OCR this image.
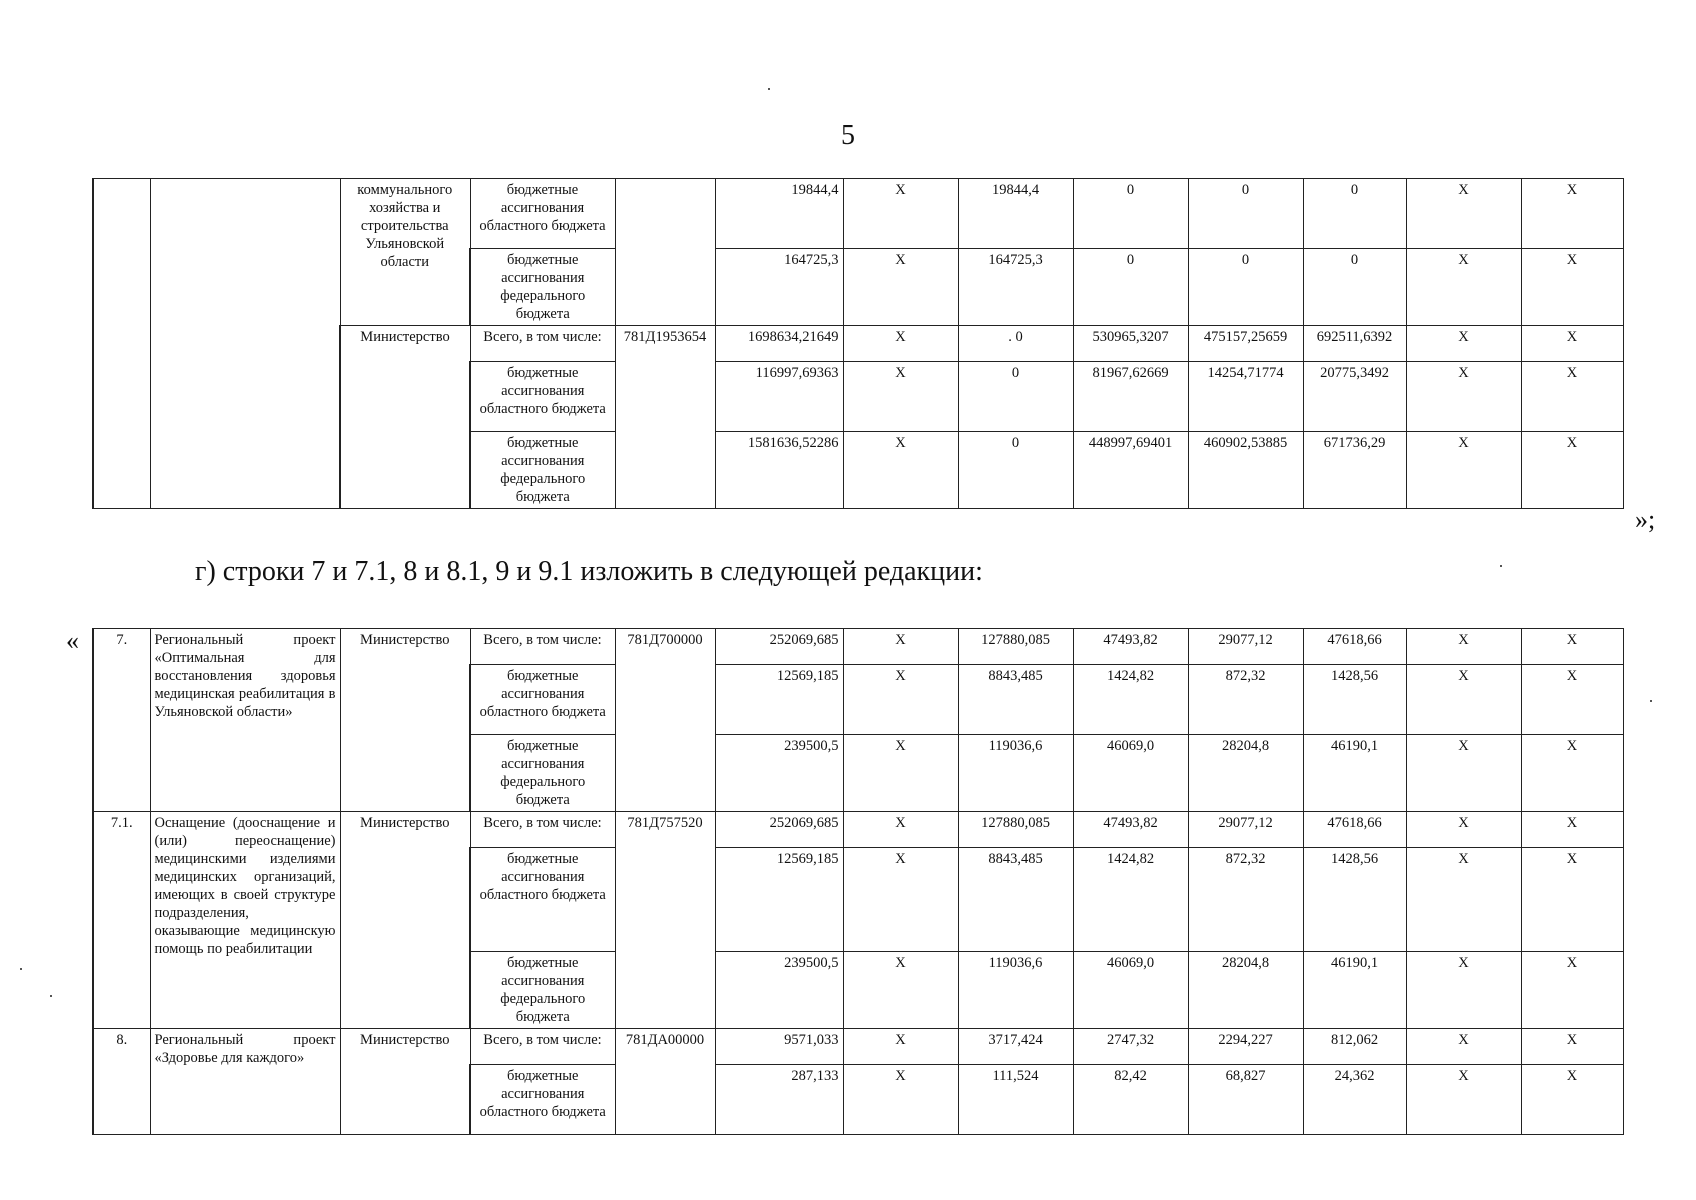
5
		коммунального хозяйства и строительства Ульяновской области	бюджетные ассигнования областного бюджета		19844,4	X	19844,4	0	0	0	X	X
			бюджетные ассигнования федерального бюджета		164725,3	X	164725,3	0	0	0	X	X
		Министерство	Всего, в том числе:	781Д1953654	1698634,21649	X	. 0	530965,3207	475157,25659	692511,6392	X	X
			бюджетные ассигнования областного бюджета		116997,69363	X	0	81967,62669	14254,71774	20775,3492	X	X
			бюджетные ассигнования федерального бюджета		1581636,52286	X	0	448997,69401	460902,53885	671736,29	X	X
»;
г) строки 7 и 7.1, 8 и 8.1, 9 и 9.1 изложить в следующей редакции:
«	7.	Региональный проект «Оптимальная для восстановления здоровья медицинская реабилитация в Ульяновской области»	Министерство	Всего, в том числе:	781Д700000	252069,685	X	127880,085	47493,82	29077,12	47618,66	X	X
			бюджетные ассигнования областного бюджета		12569,185	X	8843,485	1424,82	872,32	1428,56	X	X
			бюджетные ассигнования федерального бюджета		239500,5	X	119036,6	46069,0	28204,8	46190,1	X	X
7.1.	Оснащение (дооснащение и (или) переоснащение) медицинскими изделиями медицинских организаций, имеющих в своей структуре подразделения, оказывающие медицинскую помощь по реабилитации	Министерство	Всего, в том числе:	781Д757520	252069,685	X	127880,085	47493,82	29077,12	47618,66	X	X
			бюджетные ассигнования областного бюджета		12569,185	X	8843,485	1424,82	872,32	1428,56	X	X
			бюджетные ассигнования федерального бюджета		239500,5	X	119036,6	46069,0	28204,8	46190,1	X	X
8.	Региональный проект «Здоровье для каждого»	Министерство	Всего, в том числе:	781ДА00000	9571,033	X	3717,424	2747,32	2294,227	812,062	X	X
			бюджетные ассигнования областного бюджета		287,133	X	111,524	82,42	68,827	24,362	X	X
